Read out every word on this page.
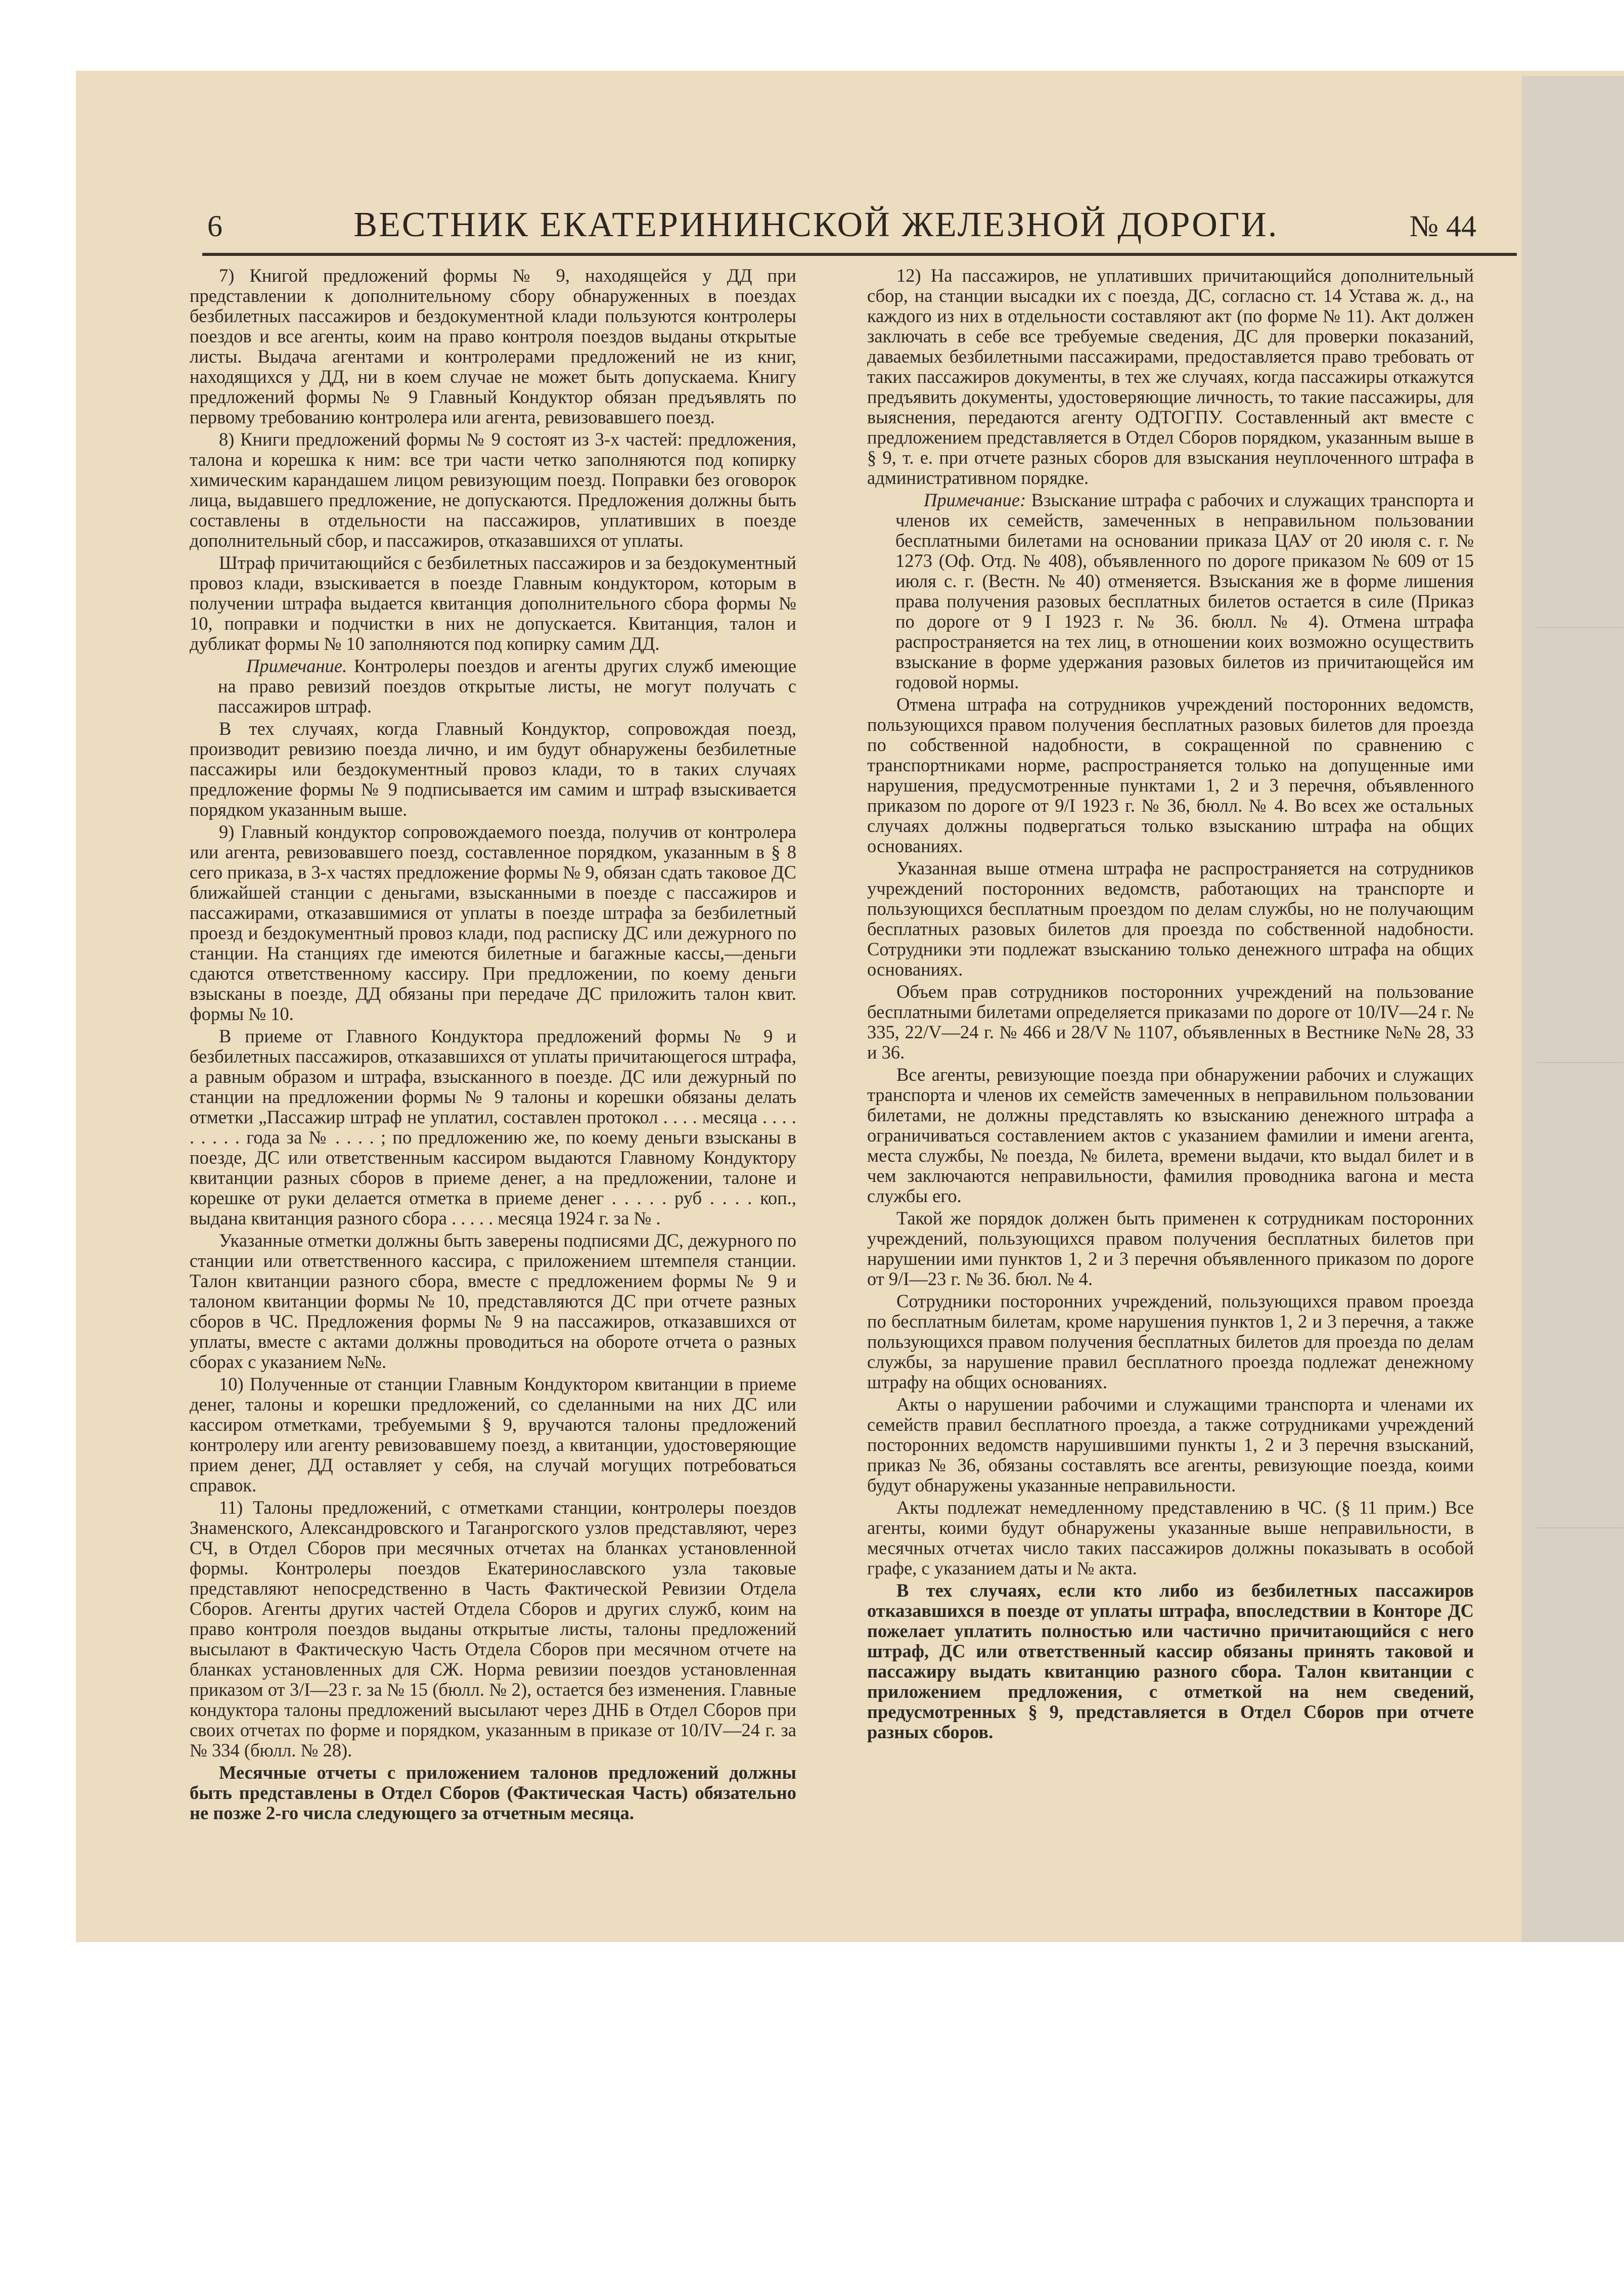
6	ВЕСТНИК ЕКАТЕРИНИНСКОЙ ЖЕЛЕЗНОЙ ДОРОГИ.	№ 44

7) Книгой предложений формы № 9, находящейся у ДД при представлении к дополнительному сбору обнаруженных в поездах безбилетных пассажиров и бездокументной клади пользуются контролеры поездов и все агенты, коим на право контроля поездов выданы открытые листы. Выдача агентами и контролерами предложений не из книг, находящихся у ДД, ни в коем случае не может быть допускаема. Книгу предложений формы № 9 Главный Кондуктор обязан предъявлять по первому требованию контролера или агента, ревизовавшего поезд.

8) Книги предложений формы № 9 состоят из 3-х частей: предложения, талона и корешка к ним: все три части четко заполняются под копирку химическим карандашем лицом ревизующим поезд. Поправки без оговорок лица, выдавшего предложение, не допускаются. Предложения должны быть составлены в отдельности на пассажиров, уплативших в поезде дополнительный сбор, и пассажиров, отказавшихся от уплаты.

Штраф причитающийся с безбилетных пассажиров и за бездокументный провоз клади, взыскивается в поезде Главным кондуктором, которым в получении штрафа выдается квитанция дополнительного сбора формы № 10, поправки и подчистки в них не допускается. Квитанция, талон и дубликат формы № 10 заполняются под копирку самим ДД.

Примечание. Контролеры поездов и агенты других служб имеющие на право ревизий поездов открытые листы, не могут получать с пассажиров штраф.

В тех случаях, когда Главный Кондуктор, сопровождая поезд, производит ревизию поезда лично, и им будут обнаружены безбилетные пассажиры или бездокументный провоз клади, то в таких случаях предложение формы № 9 подписывается им самим и штраф взыскивается порядком указанным выше.

9) Главный кондуктор сопровождаемого поезда, получив от контролера или агента, ревизовавшего поезд, составленное порядком, указанным в § 8 сего приказа, в 3-х частях предложение формы № 9, обязан сдать таковое ДС ближайшей станции с деньгами, взысканными в поезде с пассажиров и пассажирами, отказавшимися от уплаты в поезде штрафа за безбилетный проезд и бездокументный провоз клади, под расписку ДС или дежурного по станции. На станциях где имеются билетные и багажные кассы,—деньги сдаются ответственному кассиру. При предложении, по коему деньги взысканы в поезде, ДД обязаны при передаче ДС приложить талон квит. формы № 10.

В приеме от Главного Кондуктора предложений формы № 9 и безбилетных пассажиров, отказавшихся от уплаты причитающегося штрафа, а равным образом и штрафа, взысканного в поезде. ДС или дежурный по станции на предложении формы № 9 талоны и корешки обязаны делать отметки „Пассажир штраф не уплатил, составлен протокол . . . . месяца . . . . . . . . . года за № . . . . ; по предложению же, по коему деньги взысканы в поезде, ДС или ответственным кассиром выдаются Главному Кондуктору квитанции разных сборов в приеме денег, а на предложении, талоне и корешке от руки делается отметка в приеме денег . . . . . руб . . . . коп., выдана квитанция разного сбора . . . . . месяца 1924 г. за № .

Указанные отметки должны быть заверены подписями ДС, дежурного по станции или ответственного кассира, с приложением штемпеля станции. Талон квитанции разного сбора, вместе с предложением формы № 9 и талоном квитанции формы № 10, представляются ДС при отчете разных сборов в ЧС. Предложения формы № 9 на пассажиров, отказавшихся от уплаты, вместе с актами должны проводиться на обороте отчета о разных сборах с указанием №№.

10) Полученные от станции Главным Кондуктором квитанции в приеме денег, талоны и корешки предложений, со сделанными на них ДС или кассиром отметками, требуемыми § 9, вручаются талоны предложений контролеру или агенту ревизовавшему поезд, а квитанции, удостоверяющие прием денег, ДД оставляет у себя, на случай могущих потребоваться справок.

11) Талоны предложений, с отметками станции, контролеры поездов Знаменского, Александровского и Таганрогского узлов представляют, через СЧ, в Отдел Сборов при месячных отчетах на бланках установленной формы. Контролеры поездов Екатеринославского узла таковые представляют непосредственно в Часть Фактической Ревизии Отдела Сборов. Агенты других частей Отдела Сборов и других служб, коим на право контроля поездов выданы открытые листы, талоны предложений высылают в Фактическую Часть Отдела Сборов при месячном отчете на бланках установленных для СЖ. Норма ревизии поездов установленная приказом от 3/I—23 г. за № 15 (бюлл. № 2), остается без изменения. Главные кондуктора талоны предложений высылают через ДНБ в Отдел Сборов при своих отчетах по форме и порядком, указанным в приказе от 10/IV—24 г. за № 334 (бюлл. № 28).

Месячные отчеты с приложением талонов предложений должны быть представлены в Отдел Сборов (Фактическая Часть) обязательно не позже 2-го числа следующего за отчетным месяца.

12) На пассажиров, не уплативших причитающийся дополнительный сбор, на станции высадки их с поезда, ДС, согласно ст. 14 Устава ж. д., на каждого из них в отдельности составляют акт (по форме № 11). Акт должен заключать в себе все требуемые сведения, ДС для проверки показаний, даваемых безбилетными пассажирами, предоставляется право требовать от таких пассажиров документы, в тех же случаях, когда пассажиры откажутся предъявить документы, удостоверяющие личность, то такие пассажиры, для выяснения, передаются агенту ОДТОГПУ. Составленный акт вместе с предложением представляется в Отдел Сборов порядком, указанным выше в § 9, т. е. при отчете разных сборов для взыскания неуплоченного штрафа в административном порядке.

Примечание: Взыскание штрафа с рабочих и служащих транспорта и членов их семейств, замеченных в неправильном пользовании бесплатными билетами на основании приказа ЦАУ от 20 июля с. г. № 1273 (Оф. Отд. № 408), объявленного по дороге приказом № 609 от 15 июля с. г. (Вестн. № 40) отменяется. Взыскания же в форме лишения права получения разовых бесплатных билетов остается в силе (Приказ по дороге от 9 I 1923 г. № 36. бюлл. № 4). Отмена штрафа распространяется на тех лиц, в отношении коих возможно осуществить взыскание в форме удержания разовых билетов из причитающейся им годовой нормы.

Отмена штрафа на сотрудников учреждений посторонних ведомств, пользующихся правом получения бесплатных разовых билетов для проезда по собственной надобности, в сокращенной по сравнению с транспортниками норме, распространяется только на допущенные ими нарушения, предусмотренные пунктами 1, 2 и 3 перечня, объявленного приказом по дороге от 9/I 1923 г. № 36, бюлл. № 4. Во всех же остальных случаях должны подвергаться только взысканию штрафа на общих основаниях.

Указанная выше отмена штрафа не распространяется на сотрудников учреждений посторонних ведомств, работающих на транспорте и пользующихся бесплатным проездом по делам службы, но не получающим бесплатных разовых билетов для проезда по собственной надобности. Сотрудники эти подлежат взысканию только денежного штрафа на общих основаниях.

Объем прав сотрудников посторонних учреждений на пользование бесплатными билетами определяется приказами по дороге от 10/IV—24 г. № 335, 22/V—24 г. № 466 и 28/V № 1107, объявленных в Вестнике №№ 28, 33 и 36.

Все агенты, ревизующие поезда при обнаружении рабочих и служащих транспорта и членов их семейств замеченных в неправильном пользовании билетами, не должны представлять ко взысканию денежного штрафа а ограничиваться составлением актов с указанием фамилии и имени агента, места службы, № поезда, № билета, времени выдачи, кто выдал билет и в чем заключаются неправильности, фамилия проводника вагона и места службы его.

Такой же порядок должен быть применен к сотрудникам посторонних учреждений, пользующихся правом получения бесплатных билетов при нарушении ими пунктов 1, 2 и 3 перечня объявленного приказом по дороге от 9/I—23 г. № 36. бюл. № 4.

Сотрудники посторонних учреждений, пользующихся правом проезда по бесплатным билетам, кроме нарушения пунктов 1, 2 и 3 перечня, а также пользующихся правом получения бесплатных билетов для проезда по делам службы, за нарушение правил бесплатного проезда подлежат денежному штрафу на общих основаниях.

Акты о нарушении рабочими и служащими транспорта и членами их семейств правил бесплатного проезда, а также сотрудниками учреждений посторонних ведомств нарушившими пункты 1, 2 и 3 перечня взысканий, приказ № 36, обязаны составлять все агенты, ревизующие поезда, коими будут обнаружены указанные неправильности.

Акты подлежат немедленному представлению в ЧС. (§ 11 прим.) Все агенты, коими будут обнаружены указанные выше неправильности, в месячных отчетах число таких пассажиров должны показывать в особой графе, с указанием даты и № акта.

В тех случаях, если кто либо из безбилетных пассажиров отказавшихся в поезде от уплаты штрафа, впоследствии в Конторе ДС пожелает уплатить полностью или частично причитающийся с него штраф, ДС или ответственный кассир обязаны принять таковой и пассажиру выдать квитанцию разного сбора. Талон квитанции с приложением предложения, с отметкой на нем сведений, предусмотренных § 9, представляется в Отдел Сборов при отчете разных сборов.
